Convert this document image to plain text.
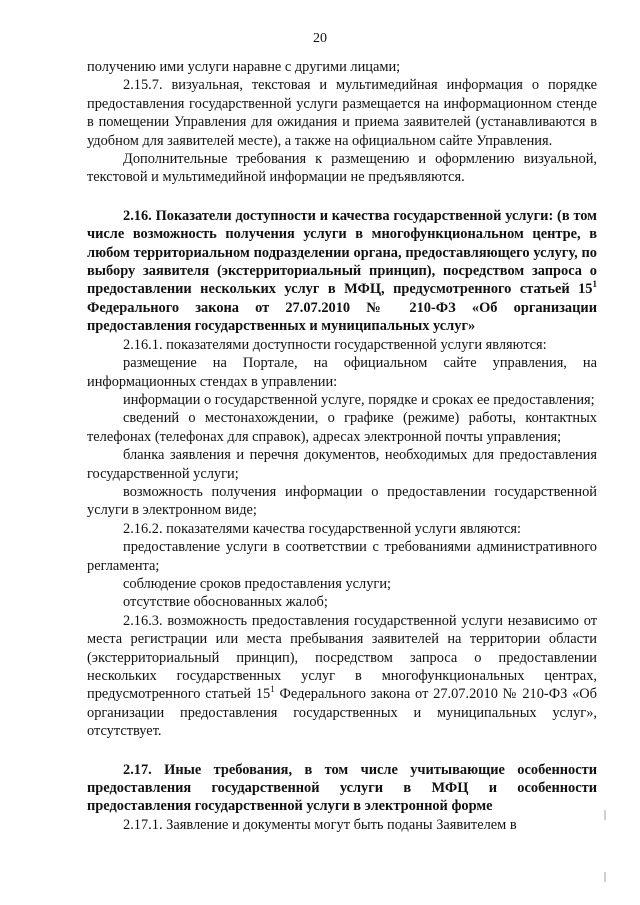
20

получению ими услуги наравне с другими лицами;

2.15.7. визуальная, текстовая и мультимедийная информация о порядке предоставления государственной услуги размещается на информационном стенде в помещении Управления для ожидания и приема заявителей (устанавливаются в удобном для заявителей месте), а также на официальном сайте Управления.

Дополнительные требования к размещению и оформлению визуальной, текстовой и мультимедийной информации не предъявляются.

2.16. Показатели доступности и качества государственной услуги: (в том числе возможность получения услуги в многофункциональном центре, в любом территориальном подразделении органа, предоставляющего услугу, по выбору заявителя (экстерриториальный принцип), посредством запроса о предоставлении нескольких услуг в МФЦ, предусмотренного статьей $15^1$ Федерального закона от 27.07.2010 № 210-ФЗ «Об организации предоставления государственных и муниципальных услуг»

2.16.1. показателями доступности государственной услуги являются:

размещение на Портале, на официальном сайте управления, на информационных стендах в управлении:

информации о государственной услуге, порядке и сроках ее предоставления;

сведений о местонахождении, о графике (режиме) работы, контактных телефонах (телефонах для справок), адресах электронной почты управления;

бланка заявления и перечня документов, необходимых для предоставления государственной услуги;

возможность получения информации о предоставлении государственной услуги в электронном виде;

2.16.2. показателями качества государственной услуги являются:

предоставление услуги в соответствии с требованиями административного регламента;

соблюдение сроков предоставления услуги;

отсутствие обоснованных жалоб;

2.16.3. возможность предоставления государственной услуги независимо от места регистрации или места пребывания заявителей на территории области (экстерриториальный принцип), посредством запроса о предоставлении нескольких государственных услуг в многофункциональных центрах, предусмотренного статьей $15^1$ Федерального закона от 27.07.2010 № 210-ФЗ «Об организации предоставления государственных и муниципальных услуг», отсутствует.

2.17. Иные требования, в том числе учитывающие особенности предоставления государственной услуги в МФЦ и особенности предоставления государственной услуги в электронной форме

2.17.1. Заявление и документы могут быть поданы Заявителем в
